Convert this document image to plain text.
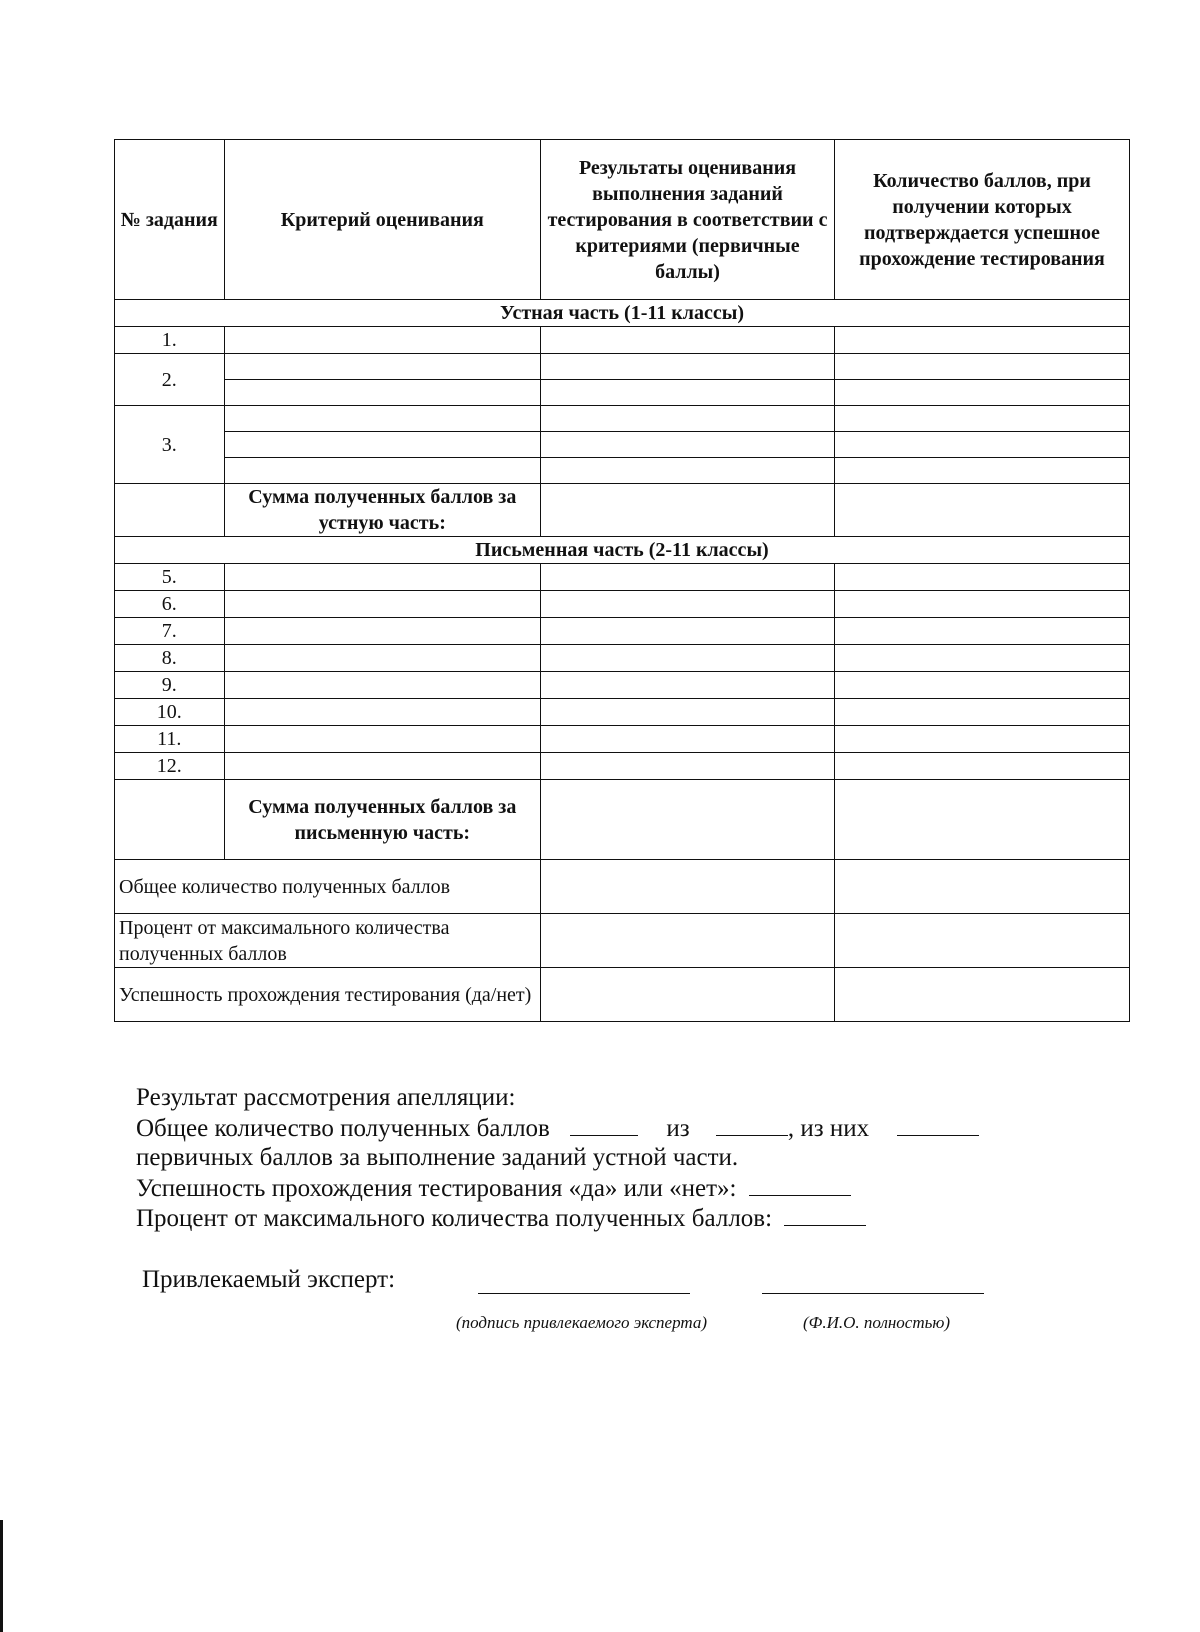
№ задания	Критерий оценивания	Результаты оценивания выполнения заданий тестирования в соответствии с критериями (первичные баллы)	Количество баллов, при получении которых подтверждается успешное прохождение тестирования
Устная часть (1-11 классы)			
1.			
2.			

3.			

	Сумма полученных баллов за устную часть:		
Письменная часть (2-11 классы)			
5.			
6.			
7.			
8.			
9.			
10.			
11.			
12.			
	Сумма полученных баллов за письменную часть:		
Общее количество полученных баллов			
Процент от максимального количества полученных баллов			
Успешность прохождения тестирования (да/нет)			
Результат рассмотрения апелляции:
Общее количество полученных баллов	из	, из них
первичных баллов за выполнение заданий устной части.
Успешность прохождения тестирования «да» или «нет»:
Процент от максимального количества полученных баллов:
Привлекаемый эксперт:
(подпись привлекаемого эксперта)	(Ф.И.О. полностью)
